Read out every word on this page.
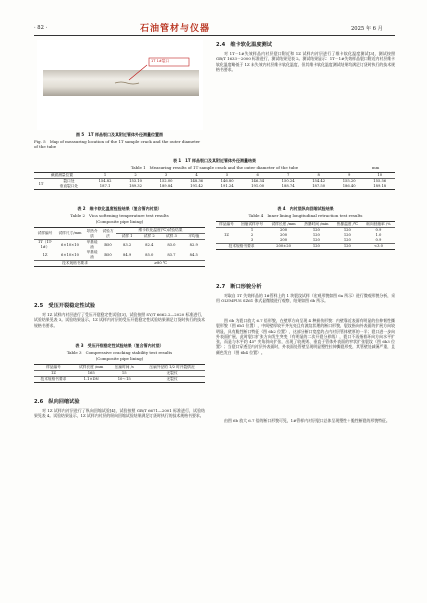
· 82 ·	石油管材与仪器	2025 年 6 月
1T 1#裂口
图 5　1T 样品裂口及其附近管体外径测量位置图
Fig. 5　Map of measuring location of the 1T sample crack and the outer diameter of the tube
2.4　维卡软化温度测试
对 1T－1#失效样品内衬层裂口附近和 1Z 试样内衬层进行了维卡软化温度测试[3]，测试按照 GB/T 1633－2000 标准进行，测试结果见表 2。测试结果显示：1T－1#失效样品裂口附近内衬层维卡软化温度略低于 1Z 未失效内衬层维卡软化温度，但其维卡软化温度测试结果均满足订货时执行的技术规格书要求。
表 1　1T 样品裂口及其附近管体外径测量结果
Table 1　Measuring results of 1T sample crack and the outer diameter of the tube	mm
截面测量位置		1	2	3	4	5	6	7	8	9	10
1T	裂口处	154.82	153.10	152.00	148.36	146.80	146.34	150.24	154.42	155.20	155.56
	垂直裂口处	187.1	189.32	189.84	191.42	191.24	191.00	188.74	187.50	186.40	189.18
表 2　维卡软化温度检验结果（复合管内衬层）
Table 2　Vica softening temperature test results
(Composite pipe lining)
试样编号	试样尺寸/mm	导热介质	试验方法	维卡软化温度(℃)试验结果			
				试样 1	试样 2	试样 3	平均值
1T（1T-1#）	6×10×10	甲基硅油	B50	83.2	82.4	83.0	82.9
1Z	6×10×10	甲基硅油	B50	84.9	85.0	83.7	84.5
技术规格书要求				≥80 ℃			
2.5　受压开裂稳定性试验
对 1Z 试样内衬层进行了受压开裂稳定性试验[3]，试验按照 SY/T 6662.2—2020 标准进行，试验结果见表 3。试验结果显示，1Z 试样内衬层的受压开裂稳定性试验结果满足订货时执行的技术规格书要求。
表 3　受压开裂稳定性试验结果（复合管内衬层）
Table 3　Compressive cracking stability test results
(Composite pipe lining)
样品编号	试样长度 /mm	压扁时间 /s	压扁外径的 1/2 时开裂情况
1Z	165	15	无裂纹
技术规格书要求	1.1×DN	10～15	无裂纹
2.6　纵向回缩试验
对 1Z 试样内衬层进行了纵向回缩试验[4]，试验按照 GB/T 6671—2001 标准进行，试验结果见表 4。试验结果显示，1Z 试样内衬层的纵向回缩试验结果满足订货时执行的技术规格书要求。
表 4　内衬层纵向回缩试验结果
Table 4　Inner lining longitudinal retraction test results
样品编号	回缩试样序号	试样长度 /mm	热暴时间 /min	热暴温度 /℃	纵向回缩率 /%
1Z	1	200	120	120	0.9
	2	200	120	120	1.0
	3	200	120	120	0.9
技术规格书要求		200±20	120	120	<3.0
2.7　断口形貌分析
对取自 1T 失效样品的 1#管样上的 1 块裂纹试样（宏观形貌如图 6a 所示）进行微观形貌分析，采用 OLYMPUS SZ61 体式显微镜进行观察，结果如图 6b 所示。
图 6b 为裂口放大 6.7 倍形貌，在壁厚方向呈现 4 种损伤形貌：内壁靠近表面有明显的拉伸韧性撕裂形貌（图 6b1 位置），中间壁厚较平齐光亮且有波纹状理的断口形貌，裂纹指向外表面的扩展方向较明显，具有脆性断口特征（图 6b2 位置），这部分断口宽度约占内衬层管体壁厚的一半；裂口进一步向外表面扩展，此时裂口扩张方向发生突变（有明显的二次开裂分界线），裂口不再指着环向方向水平扩张，而是与水平约 45° 夹角斜向扩张，出现了较规则、垂直于管体外表面的窄状扩张裂纹（图 6b3 位置）；当裂口穿透至内衬层外表面时，外表面处管壁呈现明显塑性拉伸撕裂形变，其管壁处减薄严重，且颜色发白（图 6b4 位置）。
由图 6b 放大 6.7 倍的断口形貌可见，1#管样内衬层裂口总体呈现塑性＋脆性断裂的形貌特征。
